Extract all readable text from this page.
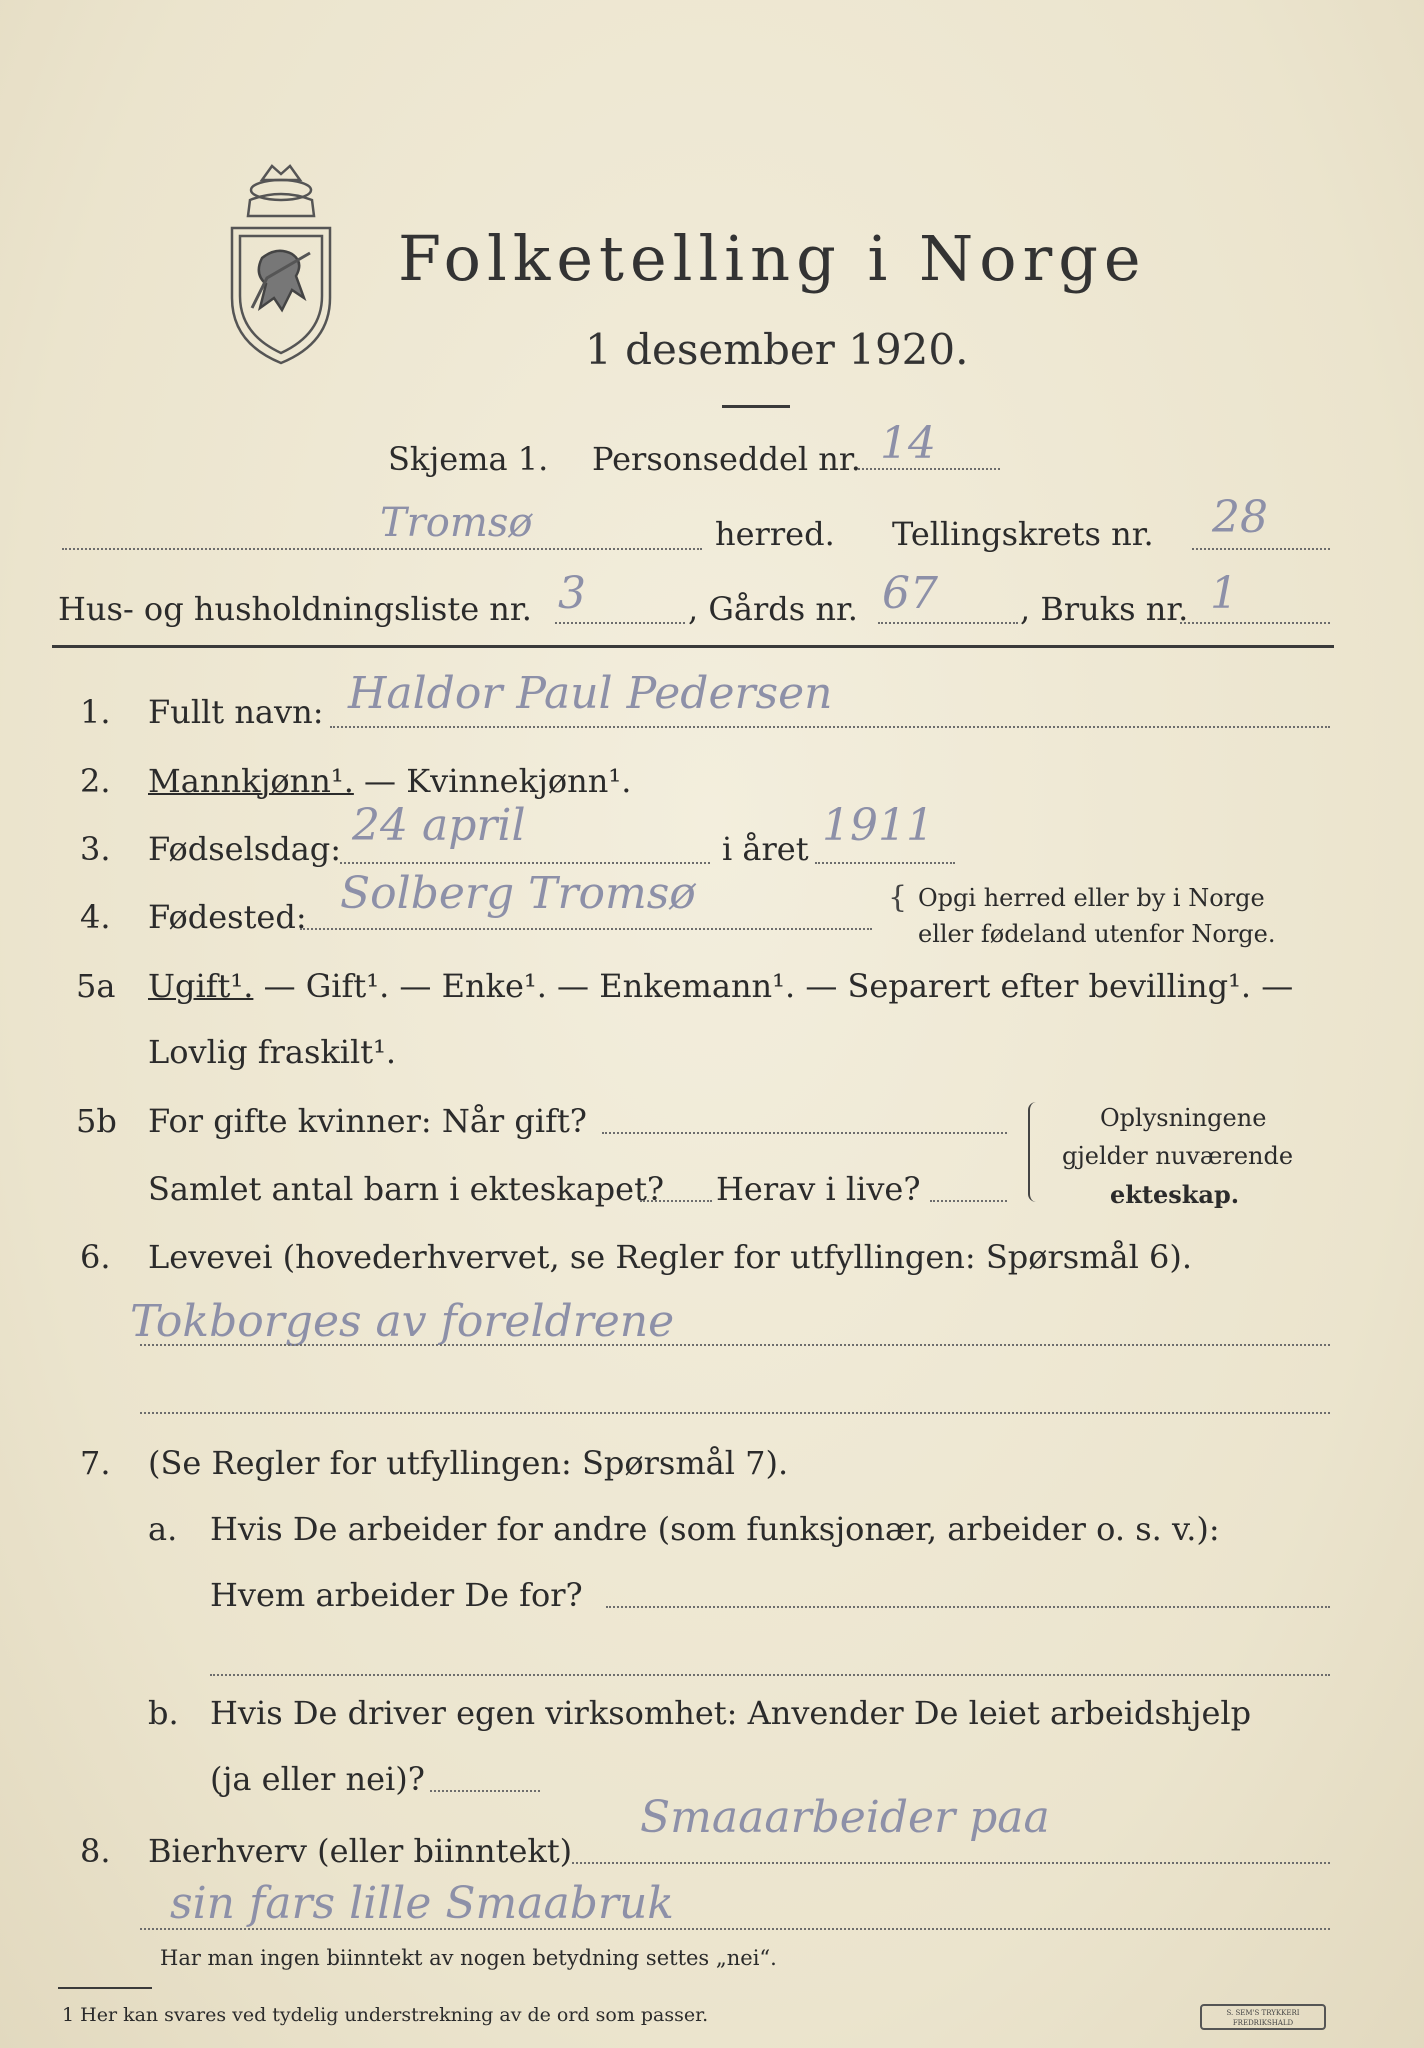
Folketelling i Norge
1 desember 1920.
Skjema 1. Personseddel nr. 14
Tromsø	herred. Tellingskrets nr. 28
Hus- og husholdningsliste nr. 3	, Gårds nr. 67	, Bruks nr. 1
1. Fullt navn: Haldor Paul Pedersen
2. Mannkjønn¹. — Kvinnekjønn¹.
3. Fødselsdag: 24 april	i året 1911
4. Fødested: Solberg Tromsø	{ Opgi herred eller by i Norge
eller fødeland utenfor Norge.
5a Ugift¹. — Gift¹. — Enke¹. — Enkemann¹. — Separert efter bevilling¹. —
Lovlig fraskilt¹.
5b For gifte kvinner: Når gift?
Samlet antal barn i ekteskapet? Herav i live?
Oplysningene
gjelder nuværende
ekteskap.
6. Levevei (hovederhvervet, se Regler for utfyllingen: Spørsmål 6).
Tokborges av foreldrene
7. (Se Regler for utfyllingen: Spørsmål 7).
a. Hvis De arbeider for andre (som funksjonær, arbeider o. s. v.):
Hvem arbeider De for?
b. Hvis De driver egen virksomhet: Anvender De leiet arbeidshjelp
(ja eller nei)?
8. Bierhverv (eller biinntekt)
Smaaarbeider paa
sin fars lille Smaabruk
Har man ingen biinntekt av nogen betydning settes „nei“.
1 Her kan svares ved tydelig understrekning av de ord som passer.	S. SEM'S TRYKKERI FREDRIKSHALD
